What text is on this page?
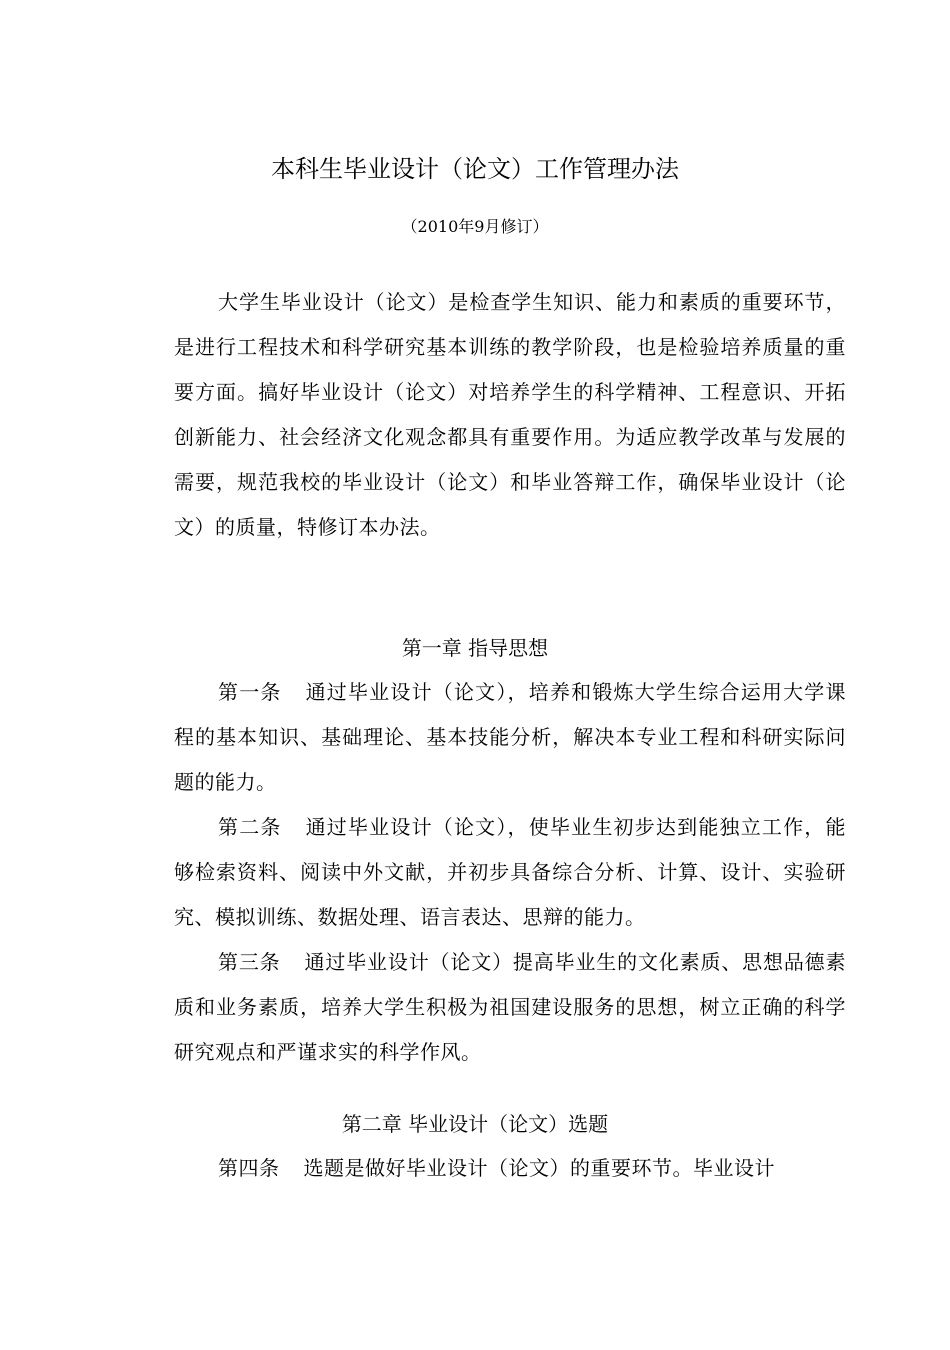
本科生毕业设计（论文）工作管理办法
（2010年9月修订）
大学生毕业设计（论文）是检查学生知识、能力和素质的重要环节，是进行工程技术和科学研究基本训练的教学阶段，也是检验培养质量的重要方面。搞好毕业设计（论文）对培养学生的科学精神、工程意识、开拓创新能力、社会经济文化观念都具有重要作用。为适应教学改革与发展的需要，规范我校的毕业设计（论文）和毕业答辩工作，确保毕业设计（论文）的质量，特修订本办法。
第一章 指导思想

第一条 通过毕业设计（论文），培养和锻炼大学生综合运用大学课程的基本知识、基础理论、基本技能分析，解决本专业工程和科研实际问题的能力。

第二条 通过毕业设计（论文），使毕业生初步达到能独立工作，能够检索资料、阅读中外文献，并初步具备综合分析、计算、设计、实验研究、模拟训练、数据处理、语言表达、思辩的能力。

第三条 通过毕业设计（论文）提高毕业生的文化素质、思想品德素质和业务素质，培养大学生积极为祖国建设服务的思想，树立正确的科学研究观点和严谨求实的科学作风。

第二章 毕业设计（论文）选题

第四条 选题是做好毕业设计（论文）的重要环节。毕业设计
